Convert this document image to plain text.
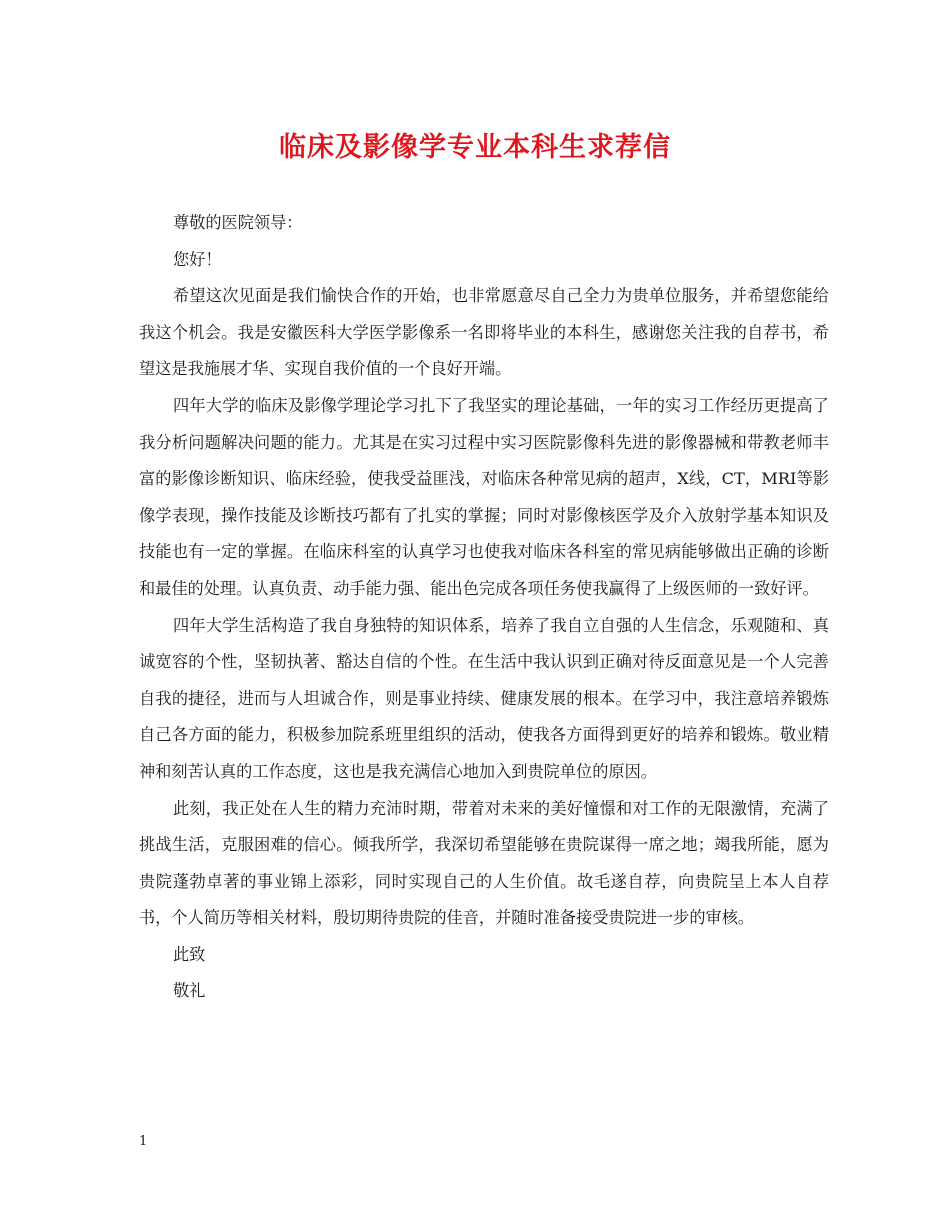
临床及影像学专业本科生求荐信

尊敬的医院领导：

您好！

希望这次见面是我们愉快合作的开始，也非常愿意尽自己全力为贵单位服务，并希望您能给我这个机会。我是安徽医科大学医学影像系一名即将毕业的本科生，感谢您关注我的自荐书，希望这是我施展才华、实现自我价值的一个良好开端。

四年大学的临床及影像学理论学习扎下了我坚实的理论基础，一年的实习工作经历更提高了我分析问题解决问题的能力。尤其是在实习过程中实习医院影像科先进的影像器械和带教老师丰富的影像诊断知识、临床经验，使我受益匪浅，对临床各种常见病的超声，X线，CT，MRI等影像学表现，操作技能及诊断技巧都有了扎实的掌握；同时对影像核医学及介入放射学基本知识及技能也有一定的掌握。在临床科室的认真学习也使我对临床各科室的常见病能够做出正确的诊断和最佳的处理。认真负责、动手能力强、能出色完成各项任务使我赢得了上级医师的一致好评。

四年大学生活构造了我自身独特的知识体系，培养了我自立自强的人生信念，乐观随和、真诚宽容的个性，坚韧执著、豁达自信的个性。在生活中我认识到正确对待反面意见是一个人完善自我的捷径，进而与人坦诚合作，则是事业持续、健康发展的根本。在学习中，我注意培养锻炼自己各方面的能力，积极参加院系班里组织的活动，使我各方面得到更好的培养和锻炼。敬业精神和刻苦认真的工作态度，这也是我充满信心地加入到贵院单位的原因。

此刻，我正处在人生的精力充沛时期，带着对未来的美好憧憬和对工作的无限激情，充满了挑战生活，克服困难的信心。倾我所学，我深切希望能够在贵院谋得一席之地；竭我所能，愿为贵院蓬勃卓著的事业锦上添彩，同时实现自己的人生价值。故毛遂自荐，向贵院呈上本人自荐书，个人简历等相关材料，殷切期待贵院的佳音，并随时准备接受贵院进一步的审核。

此致

敬礼

1
